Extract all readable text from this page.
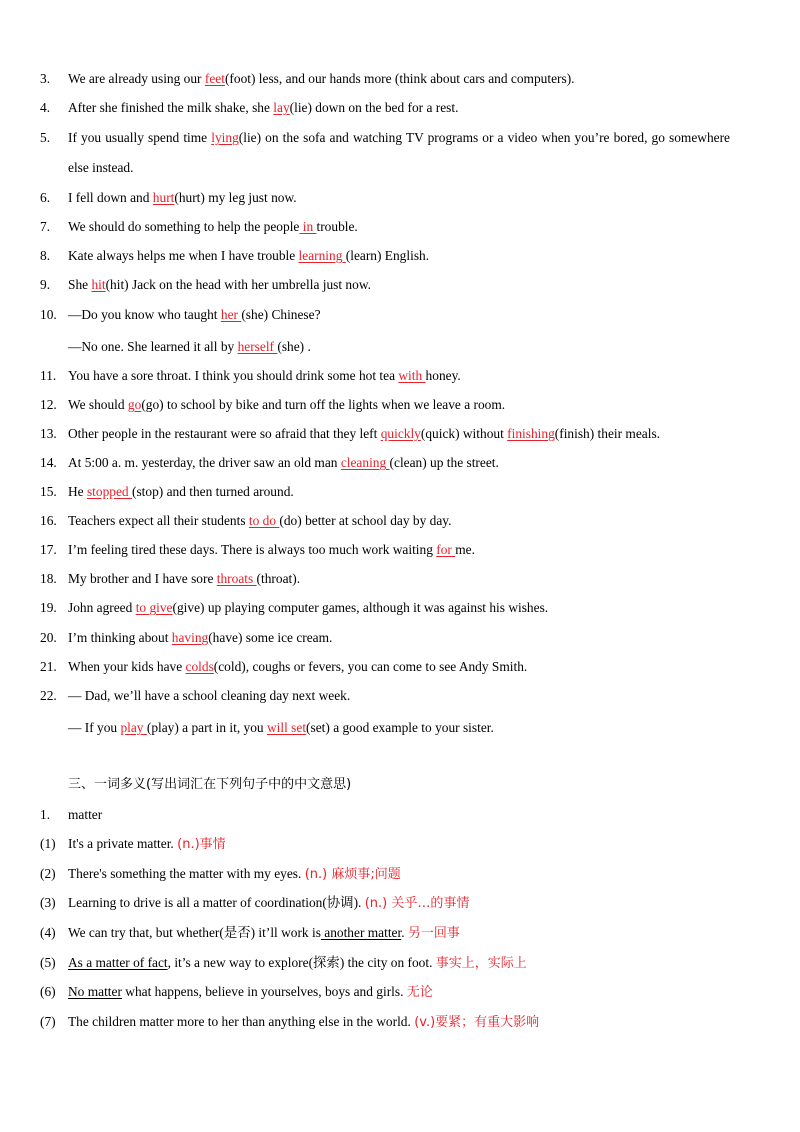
3. We are already using our feet(foot) less, and our hands more (think about cars and computers).
4. After she finished the milk shake, she lay(lie) down on the bed for a rest.
5. If you usually spend time lying(lie) on the sofa and watching TV programs or a video when you’re bored, go somewhere else instead.
6. I fell down and hurt(hurt) my leg just now.
7. We should do something to help the people in trouble.
8. Kate always helps me when I have trouble learning (learn) English.
9. She hit(hit) Jack on the head with her umbrella just now.
10. —Do you know who taught her (she) Chinese?
—No one. She learned it all by herself (she) .
11. You have a sore throat. I think you should drink some hot tea with honey.
12. We should go(go) to school by bike and turn off the lights when we leave a room.
13. Other people in the restaurant were so afraid that they left quickly(quick) without finishing(finish) their meals.
14. At 5:00 a. m. yesterday, the driver saw an old man cleaning (clean) up the street.
15. He stopped (stop) and then turned around.
16. Teachers expect all their students to do (do) better at school day by day.
17. I’m feeling tired these days. There is always too much work waiting for me.
18. My brother and I have sore throats (throat).
19. John agreed to give(give) up playing computer games, although it was against his wishes.
20. I’m thinking about having(have) some ice cream.
21. When your kids have colds(cold), coughs or fevers, you can come to see Andy Smith.
22. — Dad, we’ll have a school cleaning day next week.
— If you play (play) a part in it, you will set(set) a good example to your sister.
三、一词多义(写出词汇在下列句子中的中文意思)
1. matter
(1) It's a private matter. (n.)事情
(2) There's something the matter with my eyes. (n.) 麻烦事;问题
(3) Learning to drive is all a matter of coordination(协调). (n.) 关乎…的事情
(4) We can try that, but whether(是否) it’ll work is another matter. 另一回事
(5) As a matter of fact, it’s a new way to explore(探索) the city on foot. 事实上，实际上
(6) No matter what happens, believe in yourselves, boys and girls. 无论
(7) The children matter more to her than anything else in the world. (v.)要紧；有重大影响
